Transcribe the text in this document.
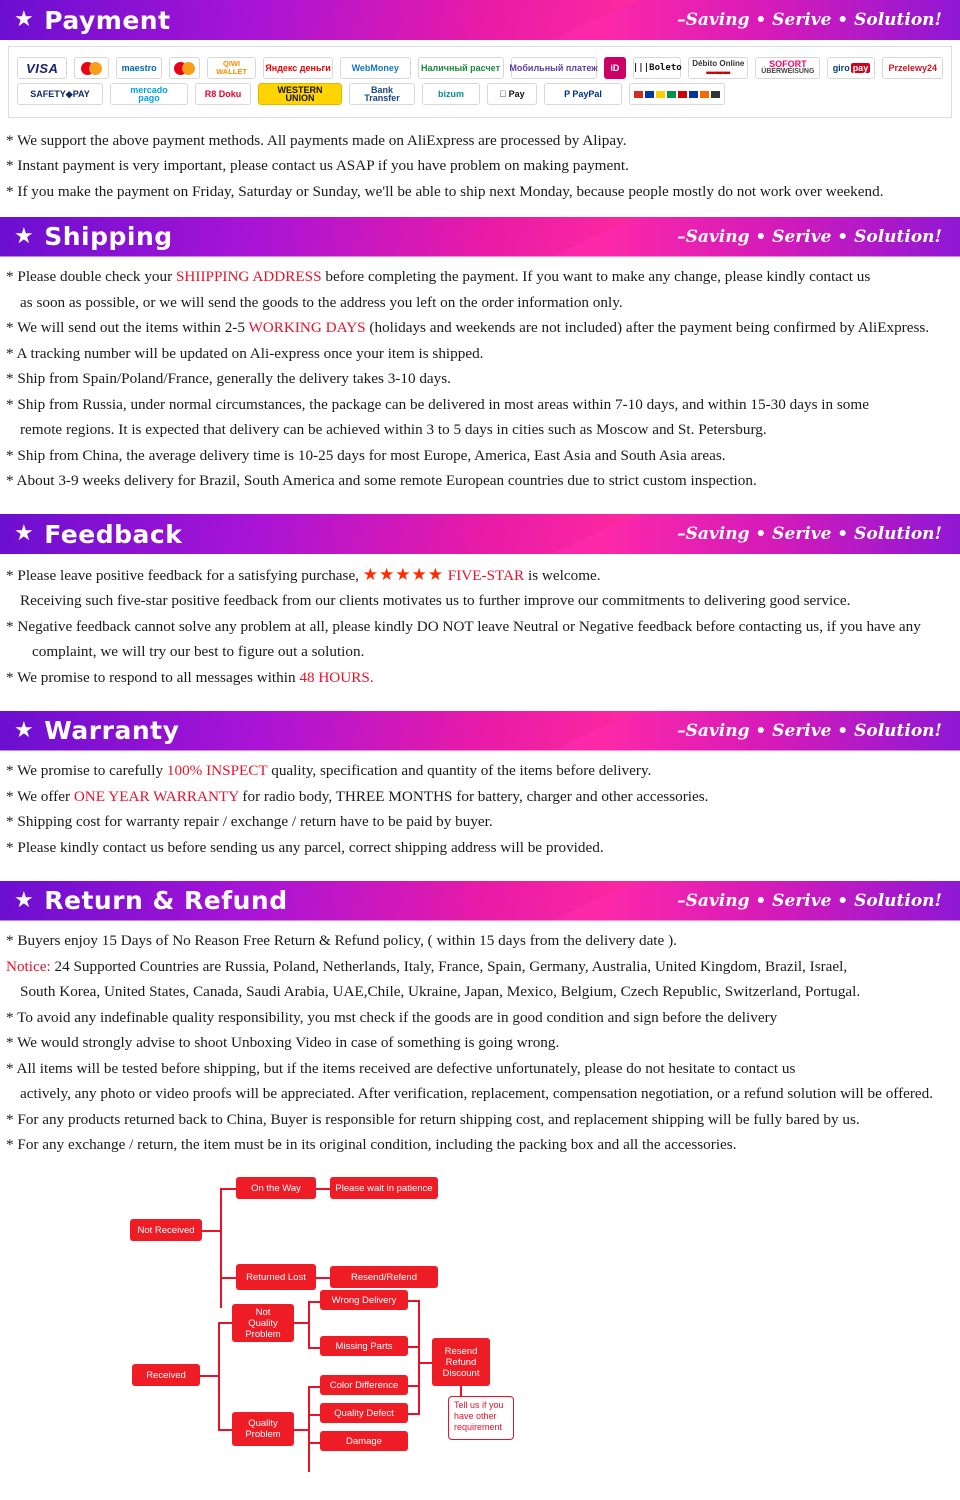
★ Payment	–Saving • Serive • Solution!
VISA	maestro	QIWI
WALLET Яндекс деньги	WebMoney	Наличный расчет	Мобильный платеж	iD	|||Boleto Débito Online
▬▬▬
SOFORT
ÜBERWEISUNG	giro pay	Przelewy24
SAFETY◆PAY	mercado
pago	R8 Doku	WESTERN
UNION
Bank
Transfer	bizum	Pay	P PayPal
* We support the above payment methods. All payments made on AliExpress are processed by Alipay.
* Instant payment is very important, please contact us ASAP if you have problem on making payment.
* If you make the payment on Friday, Saturday or Sunday, we'll be able to ship next Monday, because people mostly do not work over weekend.
★ Shipping	–Saving • Serive • Solution!
* Please double check your SHIIPPING ADDRESS before completing the payment. If you want to make any change, please kindly contact us
as soon as possible, or we will send the goods to the address you left on the order information only.
* We will send out the items within 2-5 WORKING DAYS (holidays and weekends are not included) after the payment being confirmed by AliExpress.
* A tracking number will be updated on Ali-express once your item is shipped.
* Ship from Spain/Poland/France, generally the delivery takes 3-10 days.
* Ship from Russia, under normal circumstances, the package can be delivered in most areas within 7-10 days, and within 15-30 days in some
remote regions. It is expected that delivery can be achieved within 3 to 5 days in cities such as Moscow and St. Petersburg.
* Ship from China, the average delivery time is 10-25 days for most Europe, America, East Asia and South Asia areas.
* About 3-9 weeks delivery for Brazil, South America and some remote European countries due to strict custom inspection.
★ Feedback	–Saving • Serive • Solution!
* Please leave positive feedback for a satisfying purchase, ★★★★★ FIVE-STAR is welcome.
Receiving such five-star positive feedback from our clients motivates us to further improve our commitments to delivering good service.
* Negative feedback cannot solve any problem at all, please kindly DO NOT leave Neutral or Negative feedback before contacting us, if you have any
complaint, we will try our best to figure out a solution.
* We promise to respond to all messages within 48 HOURS.
★ Warranty	–Saving • Serive • Solution!
* We promise to carefully 100% INSPECT quality, specification and quantity of the items before delivery.
* We offer ONE YEAR WARRANTY for radio body, THREE MONTHS for battery, charger and other accessories.
* Shipping cost for warranty repair / exchange / return have to be paid by buyer.
* Please kindly contact us before sending us any parcel, correct shipping address will be provided.
★ Return & Refund	–Saving • Serive • Solution!
* Buyers enjoy 15 Days of No Reason Free Return & Refund policy, ( within 15 days from the delivery date ).
Notice: 24 Supported Countries are Russia, Poland, Netherlands, Italy, France, Spain, Germany, Australia, United Kingdom, Brazil, Israel,
South Korea, United States, Canada, Saudi Arabia, UAE,Chile, Ukraine, Japan, Mexico, Belgium, Czech Republic, Switzerland, Portugal.
* To avoid any indefinable quality responsibility, you mst check if the goods are in good condition and sign before the delivery
* We would strongly advise to shoot Unboxing Video in case of something is going wrong.
* All items will be tested before shipping, but if the items received are defective unfortunately, please do not hesitate to contact us
actively, any photo or video proofs will be appreciated. After verification, replacement, compensation negotiation, or a refund solution will be offered.
* For any products returned back to China, Buyer is responsible for return shipping cost, and replacement shipping will be fully bared by us.
* For any exchange / return, the item must be in its original condition, including the packing box and all the accessories.
Not Received
On the Way	Please wait in patience
Returned Lost	Resend/Refend
Received
Not
Quality
Problem
Quality
Problem
Wrong Delivery
Missing Parts
Color Difference
Quality Defect
Damage
Resend
Refund
Discount
Tell us if you have other requirement
